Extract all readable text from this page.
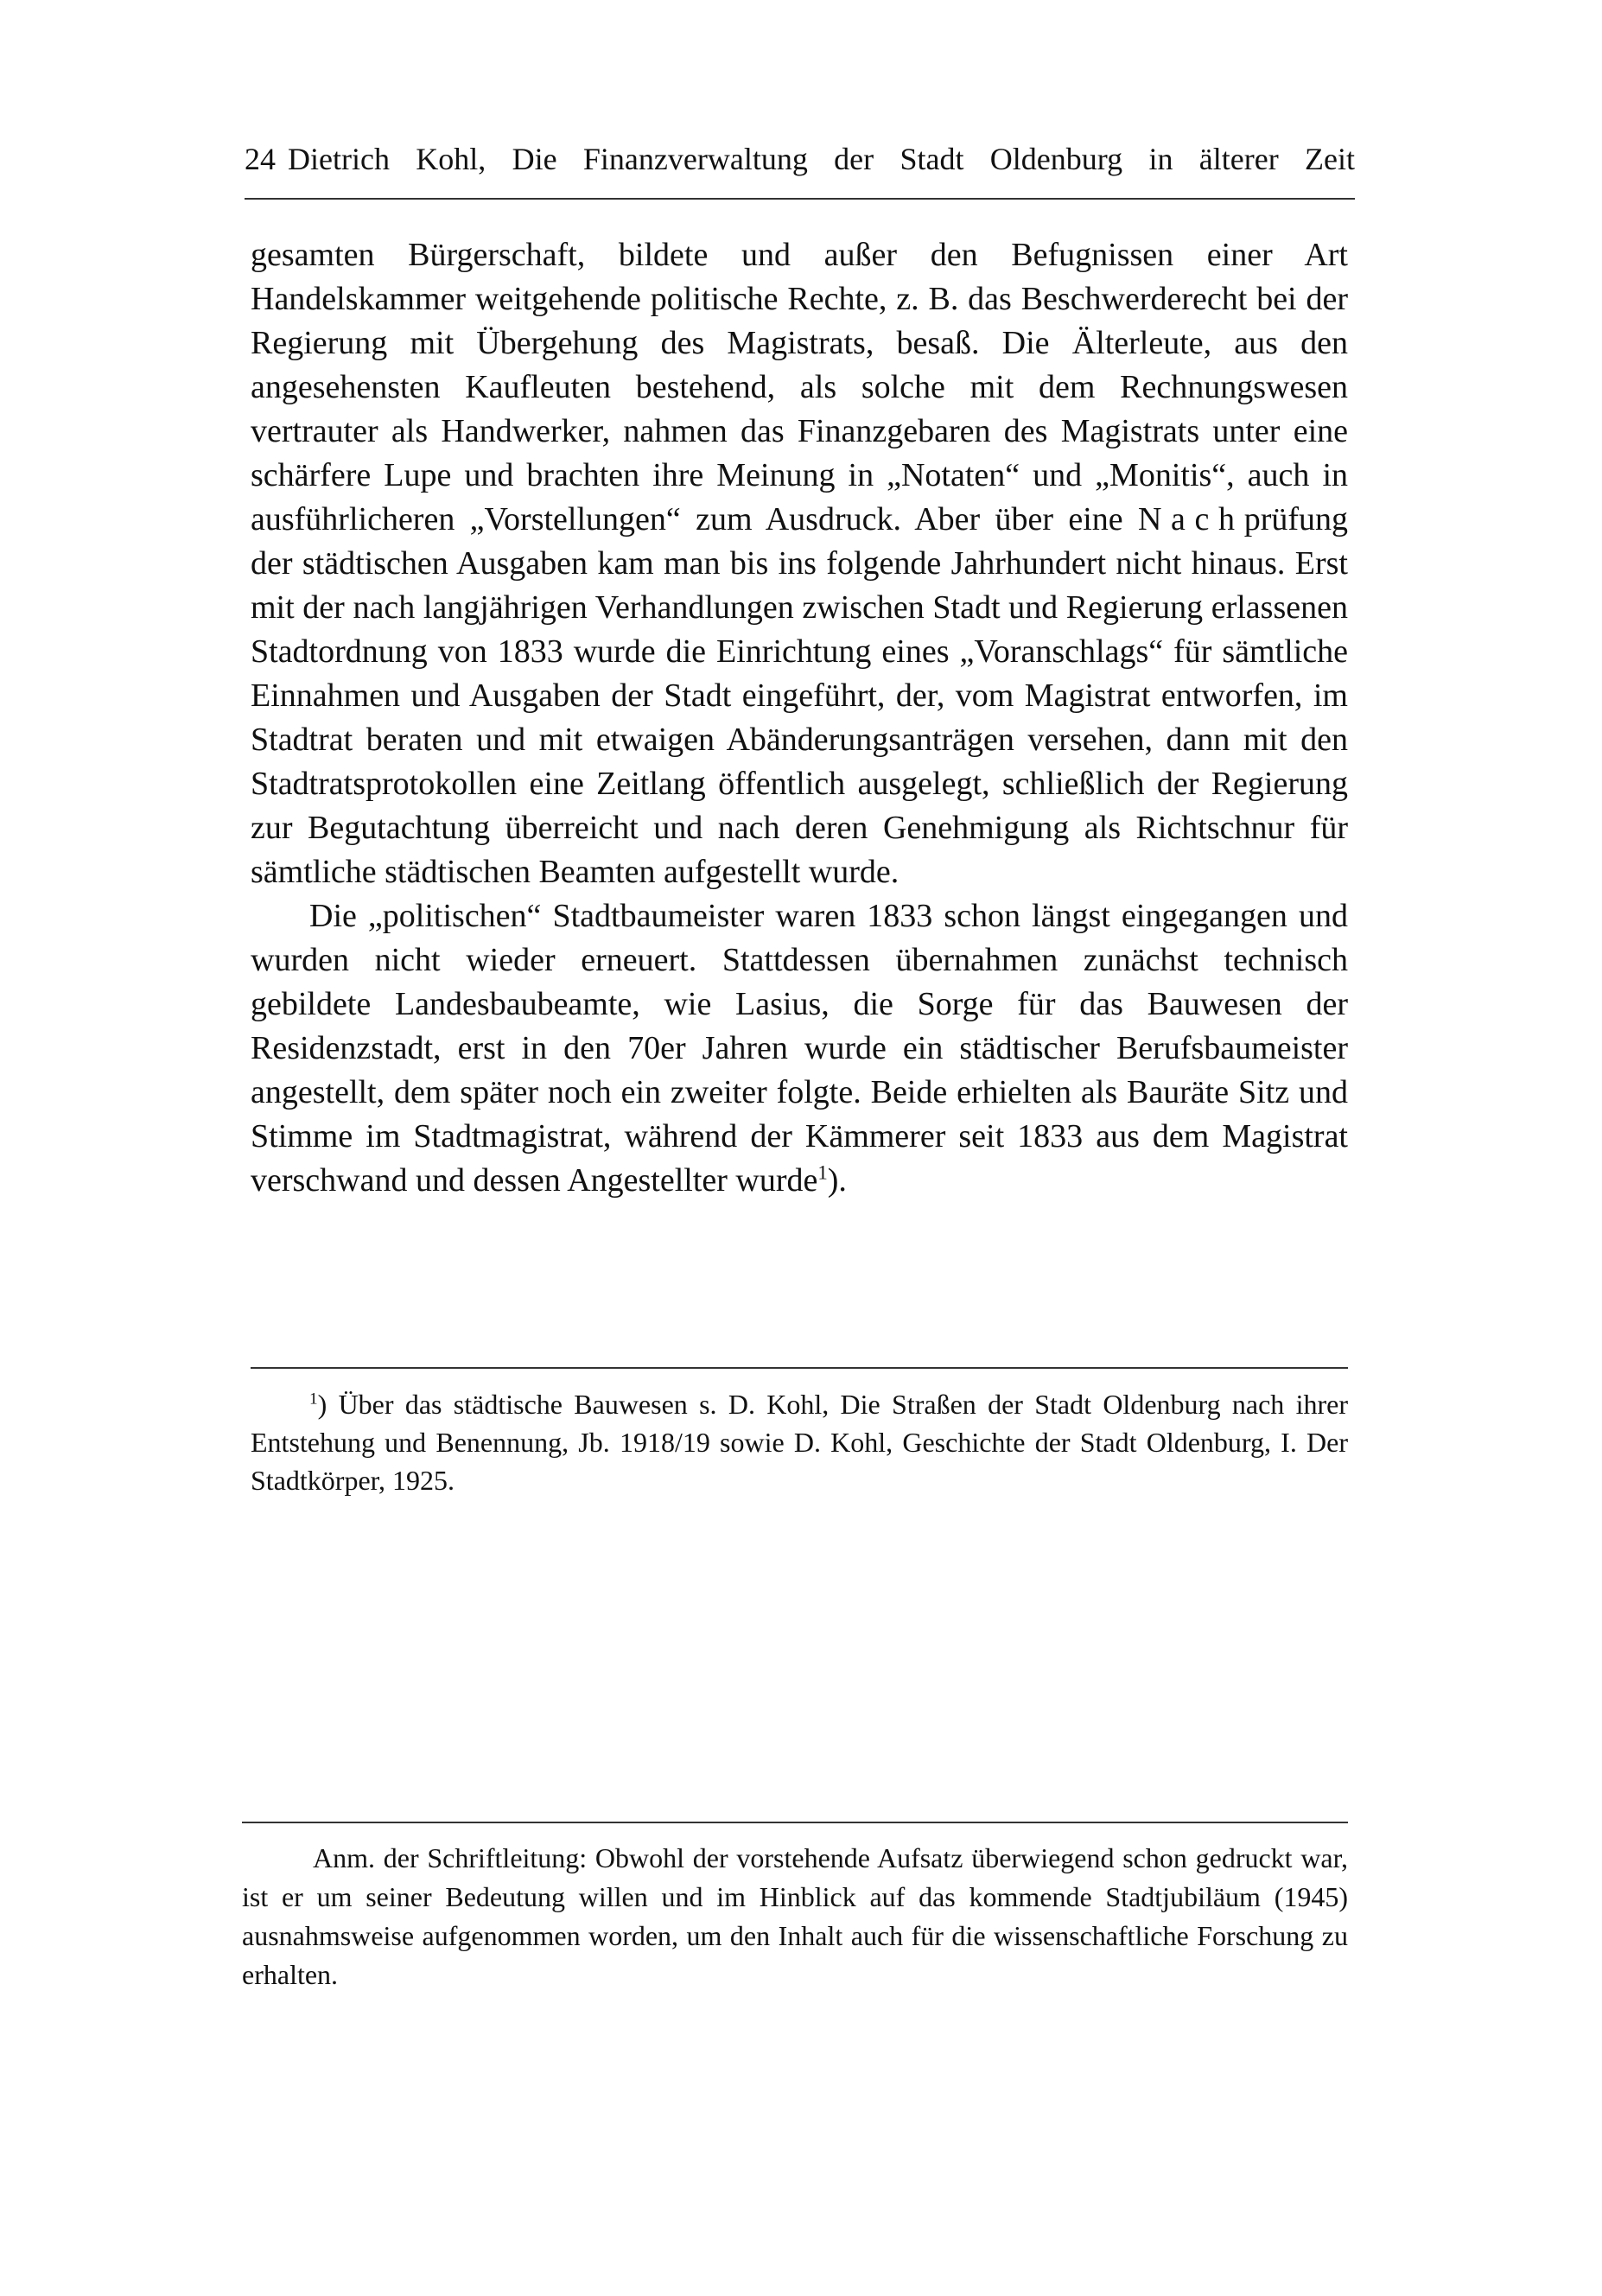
24 Dietrich Kohl, Die Finanzverwaltung der Stadt Oldenburg in älterer Zeit

gesamten Bürgerschaft, bildete und außer den Befugnissen einer Art Handelskammer weitgehende politische Rechte, z. B. das Beschwerderecht bei der Regierung mit Übergehung des Magistrats, besaß. Die Älterleute, aus den angesehensten Kaufleuten bestehend, als solche mit dem Rechnungswesen vertrauter als Handwerker, nahmen das Finanzgebaren des Magistrats unter eine schärfere Lupe und brachten ihre Meinung in „Notaten“ und „Monitis“, auch in ausführlicheren „Vorstellungen“ zum Ausdruck. Aber über eine Nachprüfung der städtischen Ausgaben kam man bis ins folgende Jahrhundert nicht hinaus. Erst mit der nach langjährigen Verhandlungen zwischen Stadt und Regierung erlassenen Stadtordnung von 1833 wurde die Einrichtung eines „Voranschlags“ für sämtliche Einnahmen und Ausgaben der Stadt eingeführt, der, vom Magistrat entworfen, im Stadtrat beraten und mit etwaigen Abänderungsanträgen versehen, dann mit den Stadtratsprotokollen eine Zeitlang öffentlich ausgelegt, schließlich der Regierung zur Begutachtung überreicht und nach deren Genehmigung als Richtschnur für sämtliche städtischen Beamten aufgestellt wurde.

Die „politischen“ Stadtbaumeister waren 1833 schon längst eingegangen und wurden nicht wieder erneuert. Stattdessen übernahmen zunächst technisch gebildete Landesbaubeamte, wie Lasius, die Sorge für das Bauwesen der Residenzstadt, erst in den 70er Jahren wurde ein städtischer Berufsbaumeister angestellt, dem später noch ein zweiter folgte. Beide erhielten als Bauräte Sitz und Stimme im Stadtmagistrat, während der Kämmerer seit 1833 aus dem Magistrat verschwand und dessen Angestellter wurde$^1$).

$^1$) Über das städtische Bauwesen s. D. Kohl, Die Straßen der Stadt Oldenburg nach ihrer Entstehung und Benennung, Jb. 1918/19 sowie D. Kohl, Geschichte der Stadt Oldenburg, I. Der Stadtkörper, 1925.
Anm. der Schriftleitung: Obwohl der vorstehende Aufsatz überwiegend schon gedruckt war, ist er um seiner Bedeutung willen und im Hinblick auf das kommende Stadtjubiläum (1945) ausnahmsweise aufgenommen worden, um den Inhalt auch für die wissenschaftliche Forschung zu erhalten.
